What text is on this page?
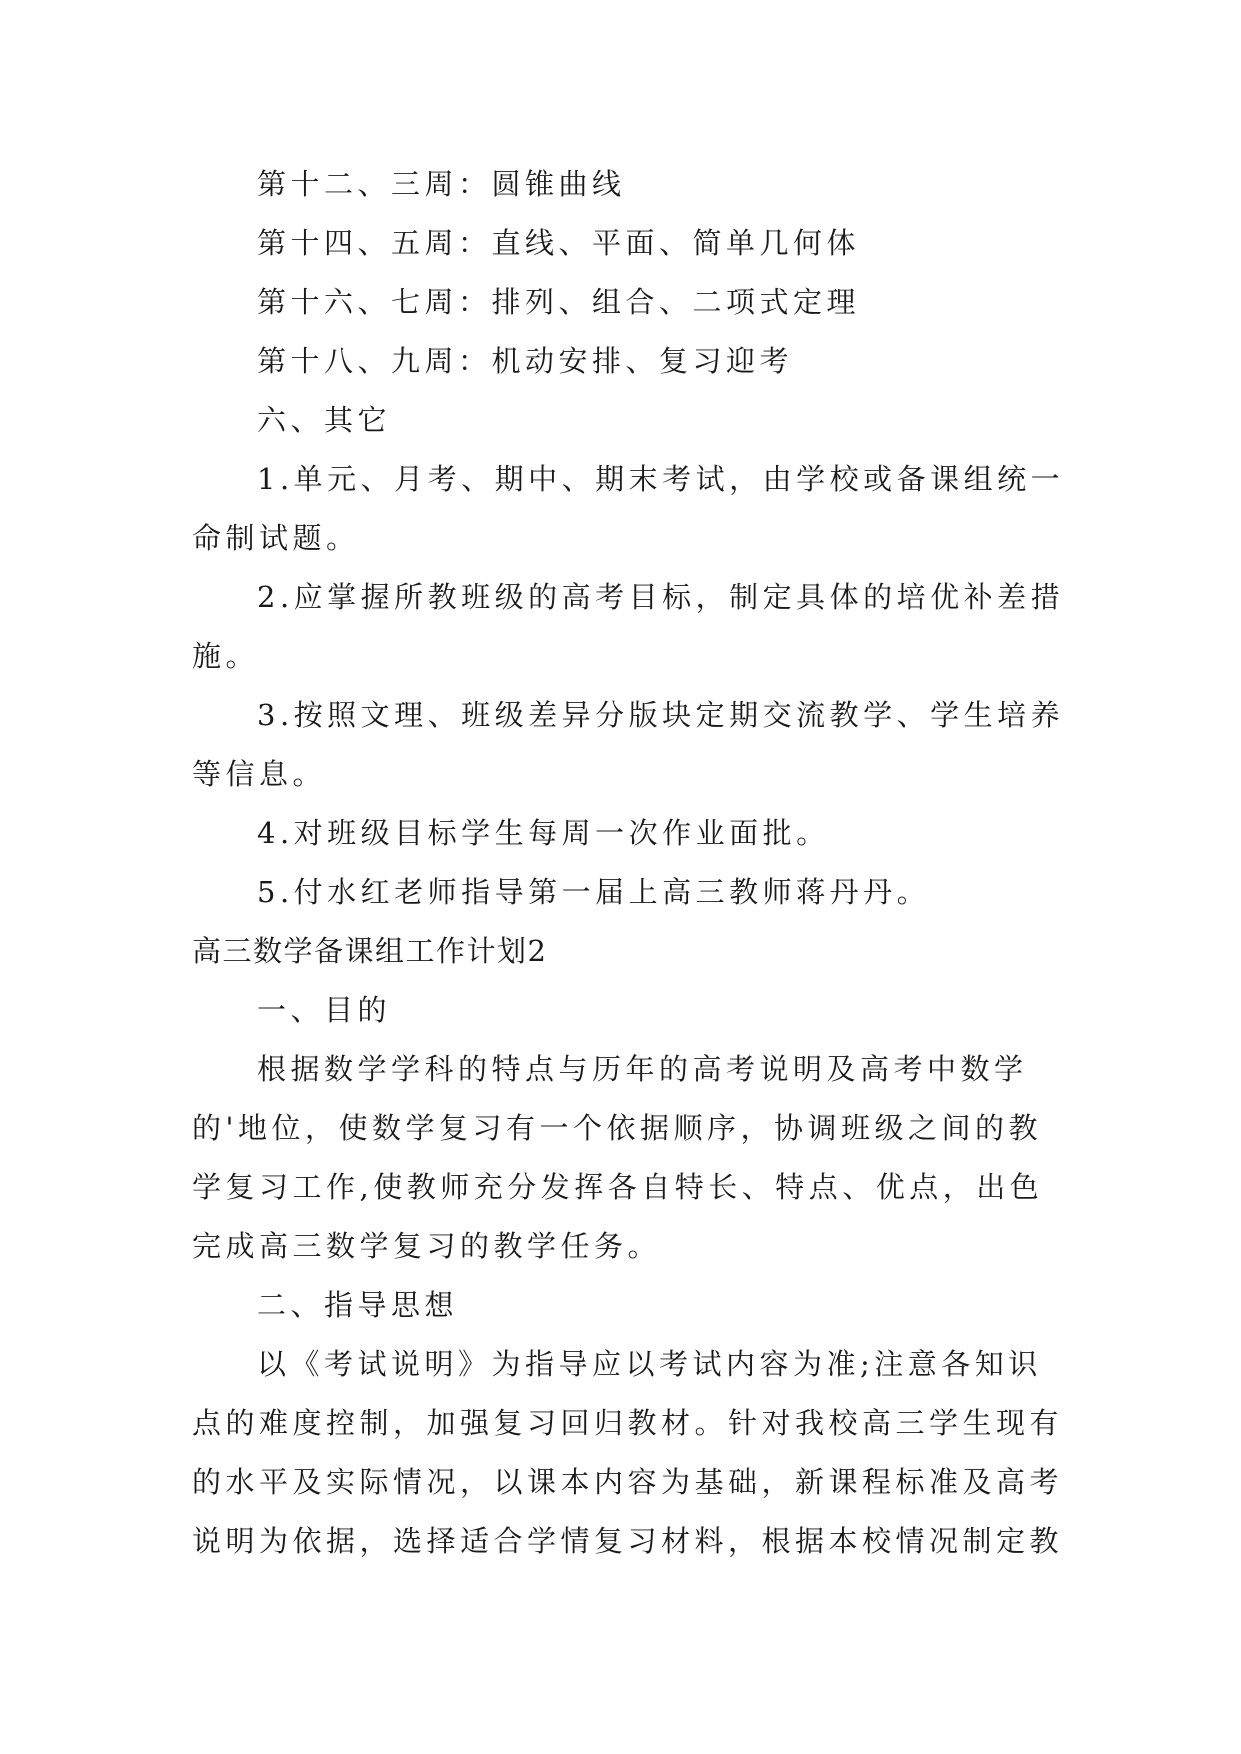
第十二、三周：圆锥曲线
第十四、五周：直线、平面、简单几何体
第十六、七周：排列、组合、二项式定理
第十八、九周：机动安排、复习迎考
六、其它
1.单元、月考、期中、期末考试，由学校或备课组统一
命制试题。
2.应掌握所教班级的高考目标，制定具体的培优补差措
施。
3.按照文理、班级差异分版块定期交流教学、学生培养
等信息。
4.对班级目标学生每周一次作业面批。
5.付水红老师指导第一届上高三教师蒋丹丹。
高三数学备课组工作计划2
一、目的
根据数学学科的特点与历年的高考说明及高考中数学
的'地位，使数学复习有一个依据顺序，协调班级之间的教
学复习工作,使教师充分发挥各自特长、特点、优点，出色
完成高三数学复习的教学任务。
二、指导思想
以《考试说明》为指导应以考试内容为准;注意各知识
点的难度控制，加强复习回归教材。针对我校高三学生现有
的水平及实际情况，以课本内容为基础，新课程标准及高考
说明为依据，选择适合学情复习材料，根据本校情况制定教
